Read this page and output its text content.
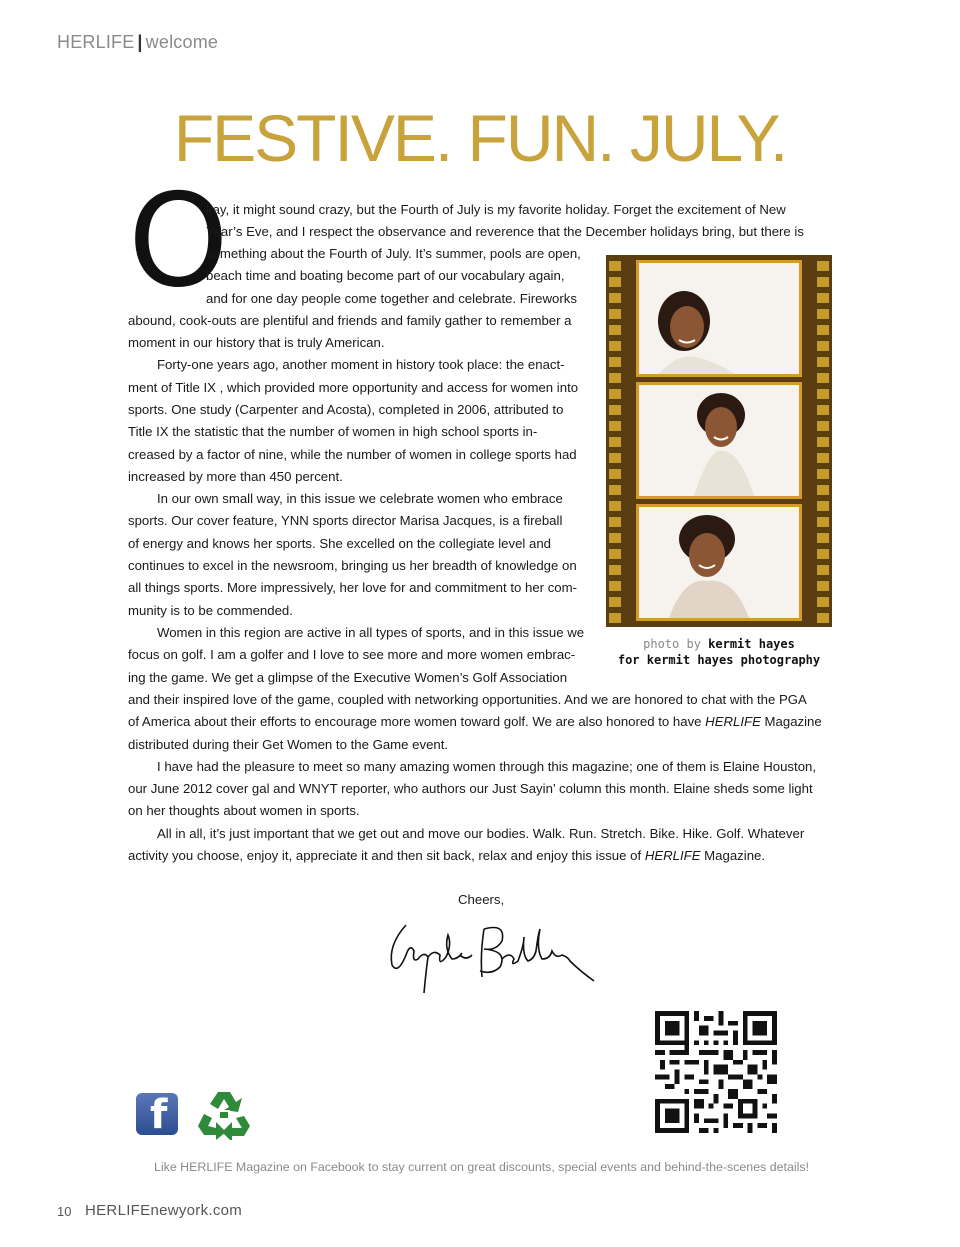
HERLIFE | welcome
FESTIVE. FUN. JULY.
O
kay, it might sound crazy, but the Fourth of July is my favorite holiday. Forget the excitement of New
Year’s Eve, and I respect the observance and reverence that the December holidays bring, but there is
something about the Fourth of July. It’s summer, pools are open,
beach time and boating become part of our vocabulary again,
and for one day people come together and celebrate. Fireworks
abound, cook-outs are plentiful and friends and family gather to remember a
moment in our history that is truly American.
Forty-one years ago, another moment in history took place: the enact-
ment of Title IX , which provided more opportunity and access for women into
sports. One study (Carpenter and Acosta), completed in 2006, attributed to
Title IX the statistic that the number of women in high school sports in-
creased by a factor of nine, while the number of women in college sports had
increased by more than 450 percent.
In our own small way, in this issue we celebrate women who embrace
sports. Our cover feature, YNN sports director Marisa Jacques, is a fireball
of energy and knows her sports. She excelled on the collegiate level and
continues to excel in the newsroom, bringing us her breadth of knowledge on
all things sports. More impressively, her love for and commitment to her com-
munity is to be commended.
Women in this region are active in all types of sports, and in this issue we
focus on golf. I am a golfer and I love to see more and more women embrac-
ing the game. We get a glimpse of the Executive Women’s Golf Association
and their inspired love of the game, coupled with networking opportunities. And we are honored to chat with the PGA
of America about their efforts to encourage more women toward golf. We are also honored to have HERLIFE Magazine
distributed during their Get Women to the Game event.
I have had the pleasure to meet so many amazing women through this magazine; one of them is Elaine Houston,
our June 2012 cover gal and WNYT reporter, who authors our Just Sayin’ column this month. Elaine sheds some light
on her thoughts about women in sports.
All in all, it’s just important that we get out and move our bodies. Walk. Run. Stretch. Bike. Hike. Golf. Whatever
activity you choose, enjoy it, appreciate it and then sit back, relax and enjoy this issue of HERLIFE Magazine.
photo by kermit hayes
for kermit hayes photography
Cheers,
f
Like HERLIFE Magazine on Facebook to stay current on great discounts, special events and behind-the-scenes details!
10 HERLIFEnewyork.com
